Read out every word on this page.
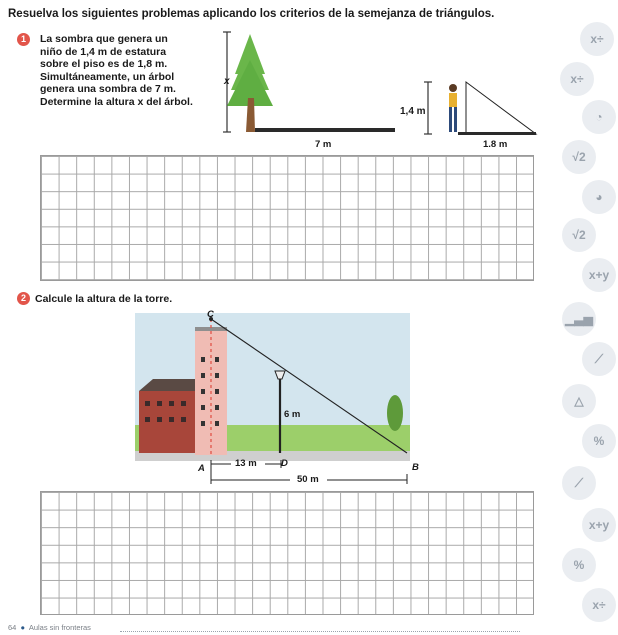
Resuelva los siguientes problemas aplicando los criterios de la semejanza de triángulos.
1	La sombra que genera un
niño de 1,4 m de estatura
sobre el piso es de 1,8 m.
Simultáneamente, un árbol
genera una sombra de 7 m.
Determine la altura x del árbol.
x
7 m
1,4 m
1.8 m
2 Calcule la altura de la torre.
C
6 m
A	13 m	D	B
50 m
x÷
x÷
◔
√2
◕
√2
x+y
▁▃▅
⟋
△
%
⟋
x+y
%
x÷
64  ●  Aulas sin fronteras
